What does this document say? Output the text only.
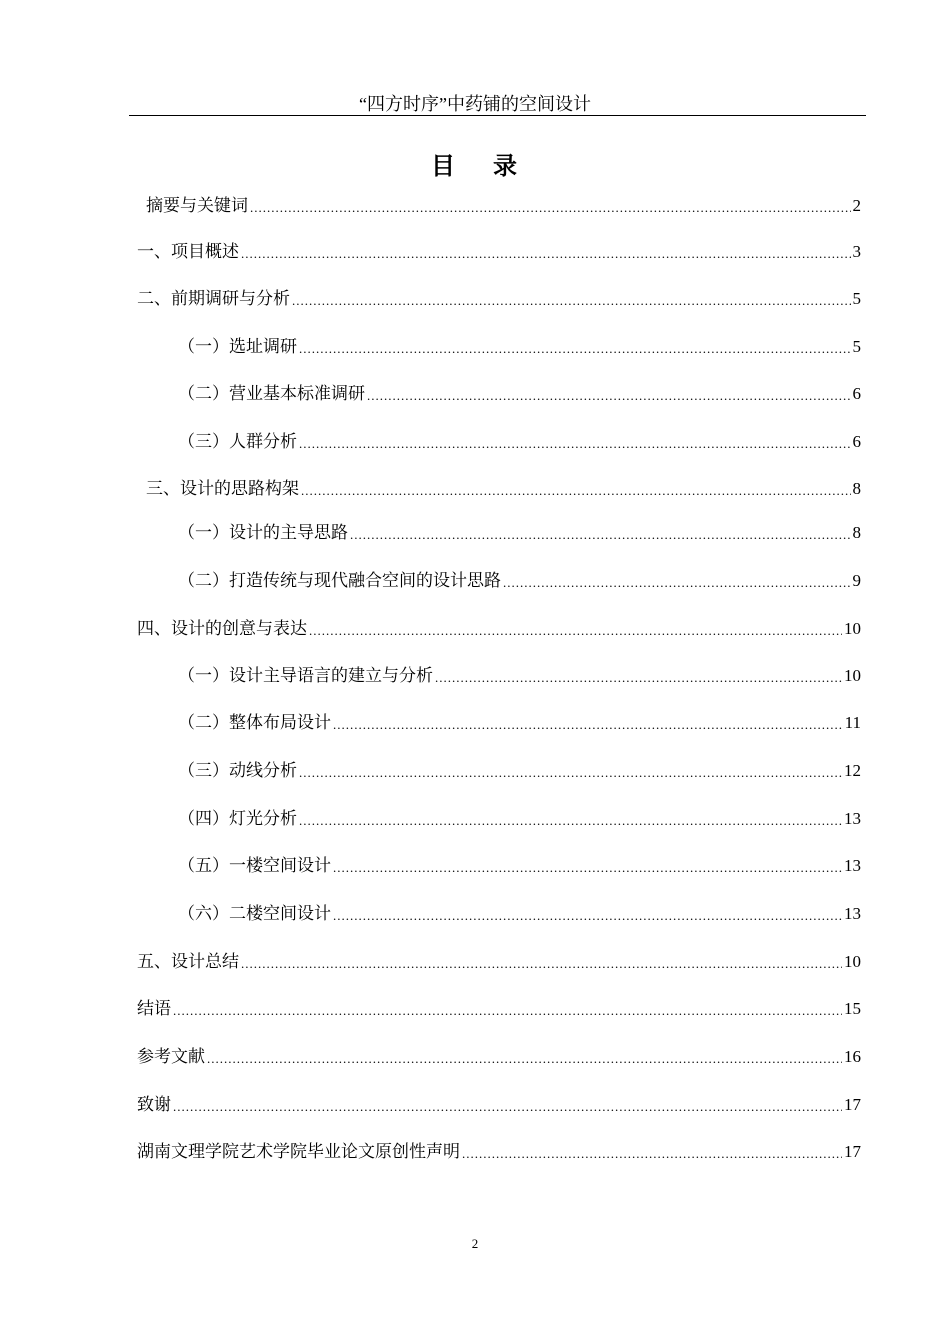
“四方时序”中药铺的空间设计
目 录
摘要与关键词 .....	2
一、项目概述 .....	3
二、前期调研与分析 .....	5
（一）选址调研 .....	5
（二）营业基本标准调研 .....	6
（三）人群分析 .....	6
三、设计的思路构架 .....	8
（一）设计的主导思路 .....	8
（二）打造传统与现代融合空间的设计思路 .....	9
四、设计的创意与表达 .....	10
（一）设计主导语言的建立与分析 .....	10
（二）整体布局设计 .....	11
（三）动线分析 .....	12
（四）灯光分析 .....	13
（五）一楼空间设计 .....	13
（六）二楼空间设计 .....	13
五、设计总结 .....	10
结语 .....	15
参考文献 .....	16
致谢 .....	17
湖南文理学院艺术学院毕业论文原创性声明 .....	17
2
